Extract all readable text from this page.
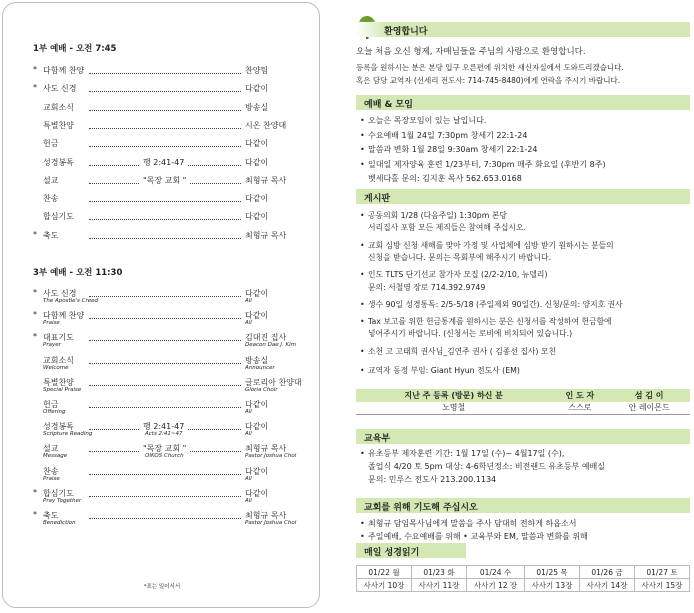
1부 예배 - 오전 7:45
* 다함께 찬양	찬양팀
* 사도 신경	다같이
교회소식	방송실
특별찬양	시온 찬양대
헌금	다같이
성경봉독	행 2:41-47	다같이
설교	"목장 교회 "	최형규 목사
찬송	다같이
합심기도	다같이
* 축도	최형규 목사
3부 예배 - 오전 11:30
* 사도 신경	다같이
The Apostle's Creed	All
* 다함께 찬양	다같이
Praise	All
* 대표기도	김대진 집사
Prayer	Deacon Dae J. Kim
교회소식	방송실
Welcome	Announcer
특별찬양	글로리아 찬양대
Special Praise	Gloria Choir
헌금	다같이
Offering	All
성경봉독	행 2:41-47	다같이
Scripture Reading	Acts 2:41~47	All
설교	"목장 교회 "	최형규 목사
Message	OIKOS Church	Pastor Joshua Choi
찬송	다같이
Praise	All
* 합심기도	다같이
Pray Together	All
* 축도	최형규 목사
Benediction	Pastor Joshua Choi
*표는 일어서서
환영합니다
오늘 처음 오신 형제, 자매님들을 주님의 사랑으로 환영합니다.
등록을 원하시는 분은 본당 입구 오른편에 위치한 새신자실에서 도와드리겠습니다.
혹은 담당 교역자 (선세리 전도사: 714-745-8480)에게 연락을 주시기 바랍니다.
예배 & 모임
• 오늘은 목장모임이 있는 날입니다.
• 수요예배 1월 24일 7:30pm 창세기 22:1-24
• 말씀과 변화 1월 28일 9:30am 창세기 22:1-24
• 일대일 제자양육 훈련 1/23부터, 7:30pm 매주 화요일 (후반기 8주)
벳세다홀 문의: 김지훈 목사 562.653.0168
게시판
• 공동의회 1/28 (다음주일) 1:30pm 본당
서리집사 포함 모든 제직들은 참여해 주십시오.
• 교회 심방 신청 새해를 맞아 가정 및 사업체에 심방 받기 원하시는 분들의
신청을 받습니다. 문의는 목회부에 해주시기 바랍니다.
• 인도 TLTS 단기선교 참가자 모집 (2/2-2/10, 뉴델리)
문의: 서철영 장로 714.392.9749
• 생수 90일 성경통독: 2/5-5/18 (주일제외 90일간). 신청/문의: 양지호 권사
• Tax 보고를 위한 헌금통계를 원하시는 분은 신청서를 작성하여 헌금함에
넣어주시기 바랍니다. (신청서는 로비에 비치되어 있습니다.)
• 소천 고 고태희 권사님_김연주 권사 ( 김종선 집사) 모친
• 교역자 동정 부임: Giant Hyun 전도사 (EM)
지난 주 등록 (방문) 하신 분	인 도 자	섬 김 이
노명철	스스로	안 레이몬드
교육부
• 유초등부 제자훈련 기간: 1월 17일 (수)~ 4월17일 (수),
졸업식 4/20 토 5pm 대상: 4-6학년정소: 비전랜드 유초등부 예배실
문의: 민루스 전도사 213.200.1134
교회를 위해 기도해 주십시오
• 최형규 담임목사님에게 말씀을 주사 담대히 전하게 하옵소서
• 주일예배, 수요예배를 위해 • 교육부와 EM, 말씀과 변화를 위해
매일 성경읽기
01/22 월	01/23 화	01/24 수	01/25 목	01/26 금	01/27 토
사사기 10장	사사기 11장	사사기 12 장	사사기 13장	사사기 14장	사사기 15장
